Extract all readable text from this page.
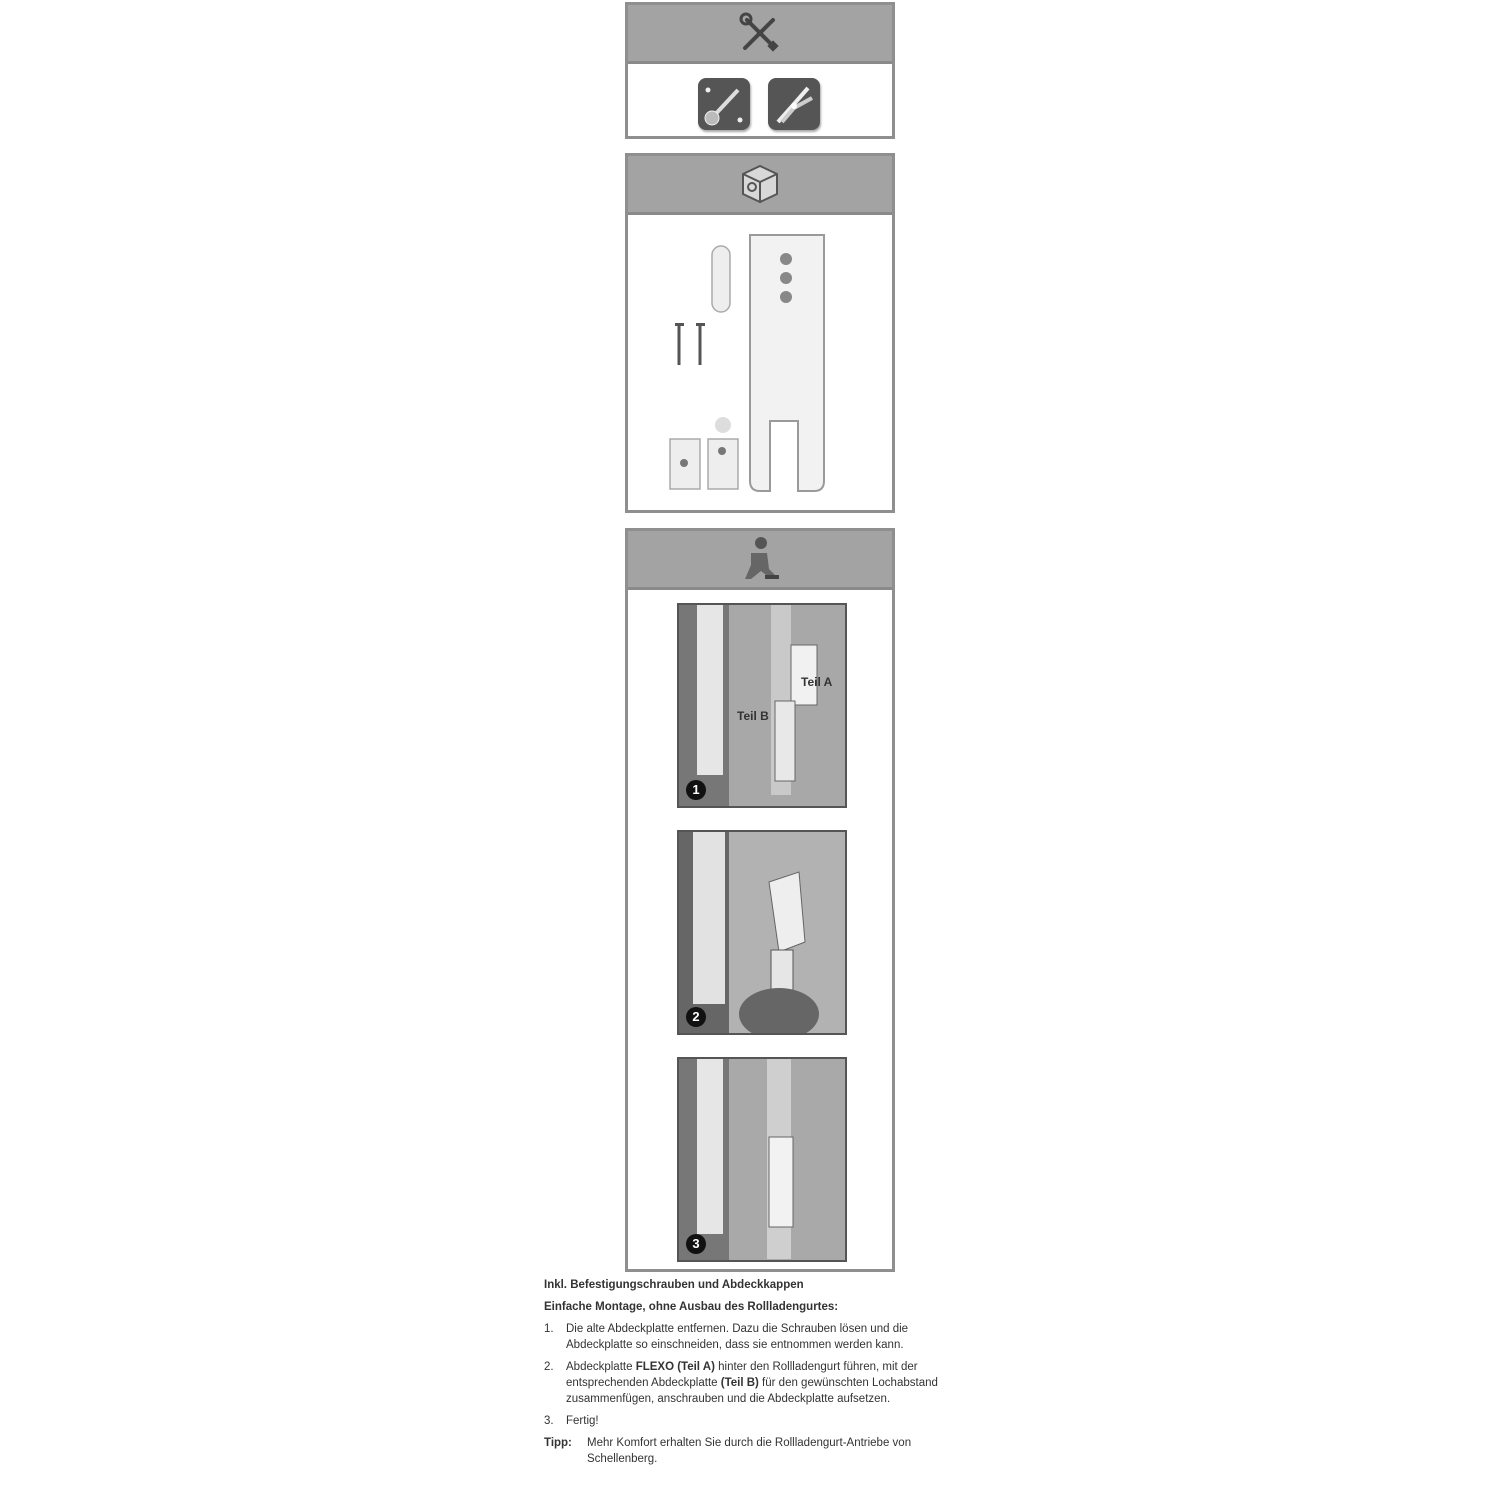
Teil A
Teil B
1
2
3

Inkl. Befestigungschrauben und Abdeckkappen

Einfache Montage, ohne Ausbau des Rollladengurtes:

1. Die alte Abdeckplatte entfernen. Dazu die Schrauben lösen und die Abdeckplatte so einschneiden, dass sie entnommen werden kann.
2. Abdeckplatte FLEXO (Teil A) hinter den Rollladengurt führen, mit der entsprechenden Abdeckplatte (Teil B) für den gewünschten Lochabstand zusammenfügen, anschrauben und die Abdeckplatte aufsetzen.
3. Fertig!
Tipp: Mehr Komfort erhalten Sie durch die Rollladengurt-Antriebe von Schellenberg.
